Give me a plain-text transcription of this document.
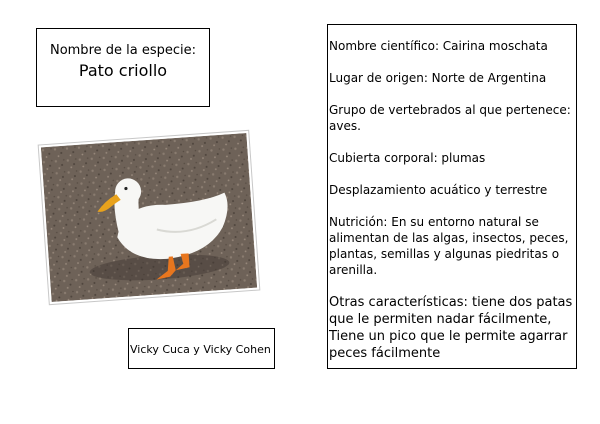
Nombre de la especie:
Pato criollo
Vicky Cuca y Vicky Cohen

Nombre científico: Cairina moschata

Lugar de origen: Norte de Argentina

Grupo de vertebrados al que pertenece: aves.

Cubierta corporal: plumas

Desplazamiento acuático y terrestre

Nutrición: En su entorno natural se alimentan de las algas, insectos, peces, plantas, semillas y algunas piedritas o arenilla.

Otras características: tiene dos patas que le permiten nadar fácilmente, Tiene un pico que le permite agarrar peces fácilmente
